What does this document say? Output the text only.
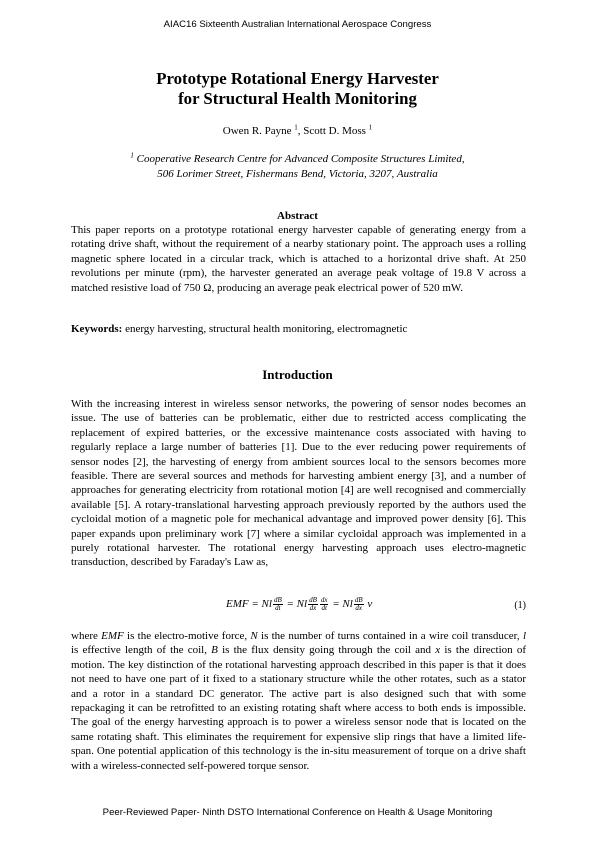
AIAC16 Sixteenth Australian International Aerospace Congress
Prototype Rotational Energy Harvester
for Structural Health Monitoring
Owen R. Payne $^1$, Scott D. Moss $^1$
$^1$ Cooperative Research Centre for Advanced Composite Structures Limited,
506 Lorimer Street, Fishermans Bend, Victoria, 3207, Australia
Abstract
This paper reports on a prototype rotational energy harvester capable of generating energy from a rotating drive shaft, without the requirement of a nearby stationary point. The approach uses a rolling magnetic sphere located in a circular track, which is attached to a horizontal drive shaft. At 250 revolutions per minute (rpm), the harvester generated an average peak voltage of 19.8 V across a matched resistive load of 750 Ω, producing an average peak electrical power of 520 mW.
Keywords: energy harvesting, structural health monitoring, electromagnetic
Introduction
With the increasing interest in wireless sensor networks, the powering of sensor nodes becomes an issue. The use of batteries can be problematic, either due to restricted access complicating the replacement of expired batteries, or the excessive maintenance costs associated with having to regularly replace a large number of batteries [1]. Due to the ever reducing power requirements of sensor nodes [2], the harvesting of energy from ambient sources local to the sensors becomes more feasible. There are several sources and methods for harvesting ambient energy [3], and a number of approaches for generating electricity from rotational motion [4] are well recognised and commercially available [5]. A rotary-translational harvesting approach previously reported by the authors used the cycloidal motion of a magnetic pole for mechanical advantage and improved power density [6]. This paper expands upon preliminary work [7] where a similar cycloidal approach was implemented in a purely rotational harvester. The rotational energy harvesting approach uses electro-magnetic transduction, described by Faraday's Law as,
EMF = Nl $\frac{dB}{dt} = Nl \frac{dB}{dx} \frac{dx}{dt} = Nl \frac{dB}{dx}$ v	(1)
where EMF is the electro-motive force, N is the number of turns contained in a wire coil transducer, l is effective length of the coil, B is the flux density going through the coil and x is the direction of motion. The key distinction of the rotational harvesting approach described in this paper is that it does not need to have one part of it fixed to a stationary structure while the other rotates, such as a stator and a rotor in a standard DC generator. The active part is also designed such that with some repackaging it can be retrofitted to an existing rotating shaft where access to both ends is impossible. The goal of the energy harvesting approach is to power a wireless sensor node that is located on the same rotating shaft. This eliminates the requirement for expensive slip rings that have a limited life-span. One potential application of this technology is the in-situ measurement of torque on a drive shaft with a wireless-connected self-powered torque sensor.
Peer-Reviewed Paper- Ninth DSTO International Conference on Health & Usage Monitoring
